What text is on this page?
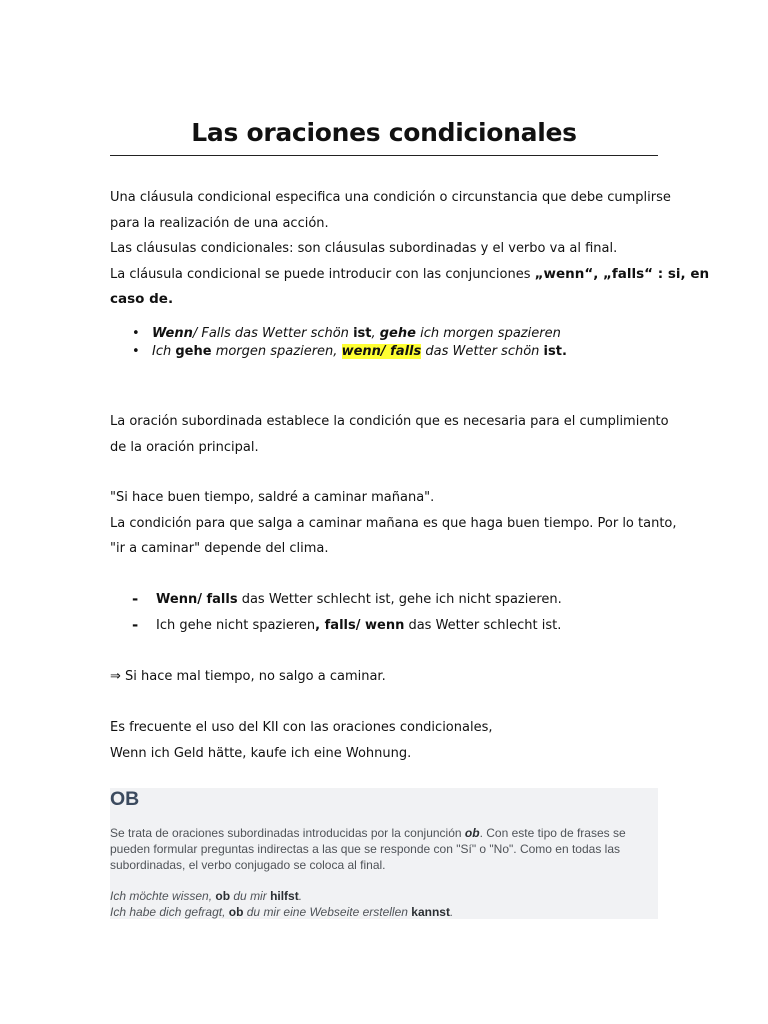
Las oraciones condicionales
Una cláusula condicional especifica una condición o circunstancia que debe cumplirse
para la realización de una acción.
Las cláusulas condicionales: son cláusulas subordinadas y el verbo va al final.
La cláusula condicional se puede introducir con las conjunciones „wenn“, „falls“ : si, en
caso de.
• Wenn/ Falls das Wetter schön ist, gehe ich morgen spazieren
• Ich gehe morgen spazieren, wenn/ falls das Wetter schön ist.
La oración subordinada establece la condición que es necesaria para el cumplimiento
de la oración principal.
"Si hace buen tiempo, saldré a caminar mañana".
La condición para que salga a caminar mañana es que haga buen tiempo. Por lo tanto,
"ir a caminar" depende del clima.
- Wenn/ falls das Wetter schlecht ist, gehe ich nicht spazieren.
- Ich gehe nicht spazieren, falls/ wenn das Wetter schlecht ist.
⇒ Si hace mal tiempo, no salgo a caminar.
Es frecuente el uso del KII con las oraciones condicionales,
Wenn ich Geld hätte, kaufe ich eine Wohnung.
OB
Se trata de oraciones subordinadas introducidas por la conjunción ob. Con este tipo de frases se
pueden formular preguntas indirectas a las que se responde con "Sí" o "No". Como en todas las
subordinadas, el verbo conjugado se coloca al final.
Ich möchte wissen, ob du mir hilfst.
Ich habe dich gefragt, ob du mir eine Webseite erstellen kannst.
